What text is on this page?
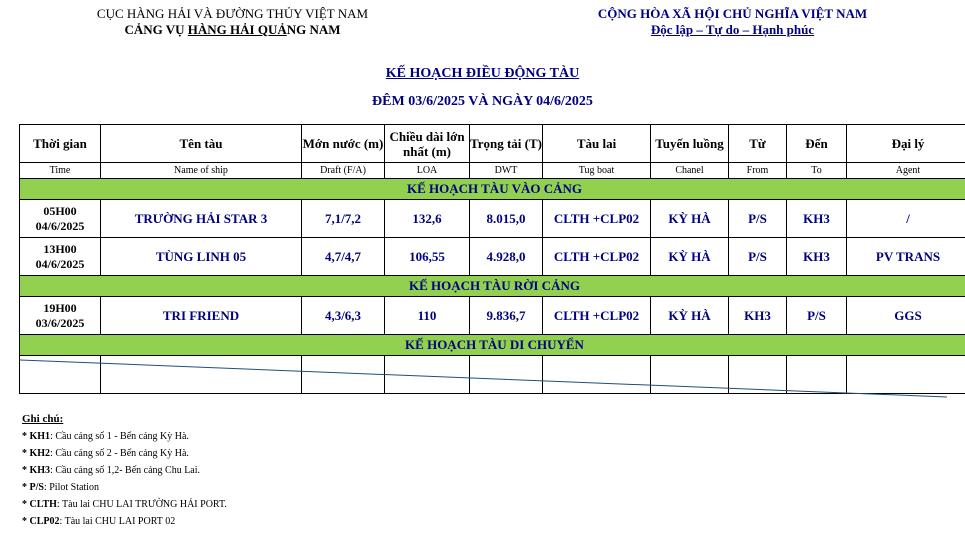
CỤC HÀNG HẢI VÀ ĐƯỜNG THỦY VIỆT NAM
CẢNG VỤ HÀNG HẢI QUẢNG NAM
CỘNG HÒA XÃ HỘI CHỦ NGHĨA VIỆT NAM
Độc lập – Tự do – Hạnh phúc
KẾ HOẠCH ĐIỀU ĐỘNG TÀU
ĐÊM 03/6/2025 VÀ NGÀY 04/6/2025
Thời gian	Tên tàu	Mớn nước (m)	Chiều dài lớn nhất (m)	Trọng tải (T)	Tàu lai	Tuyến luồng	Từ	Đến	Đại lý
Time	Name of ship	Draft (F/A)	LOA	DWT	Tug boat	Chanel	From	To	Agent
KẾ HOẠCH TÀU VÀO CẢNG									
05H00
04/6/2025	TRƯỜNG HẢI STAR 3	7,1/7,2	132,6	8.015,0	CLTH +CLP02	KỲ HÀ	P/S	KH3	/
13H00
04/6/2025	TÙNG LINH 05	4,7/4,7	106,55	4.928,0	CLTH +CLP02	KỲ HÀ	P/S	KH3	PV TRANS
KẾ HOẠCH TÀU RỜI CẢNG									
19H00
03/6/2025	TRI FRIEND	4,3/6,3	110	9.836,7	CLTH +CLP02	KỲ HÀ	KH3	P/S	GGS
KẾ HOẠCH TÀU DI CHUYỂN									

Ghi chú:
* KH1: Cầu cảng số 1 - Bến cảng Kỳ Hà.
* KH2: Cầu cảng số 2 - Bến cảng Kỳ Hà.
* KH3: Cầu cảng số 1,2- Bến cảng Chu Lai.
* P/S: Pilot Station
* CLTH: Tàu lai CHU LAI TRƯỜNG HẢI PORT.
* CLP02: Tàu lai CHU LAI PORT 02
